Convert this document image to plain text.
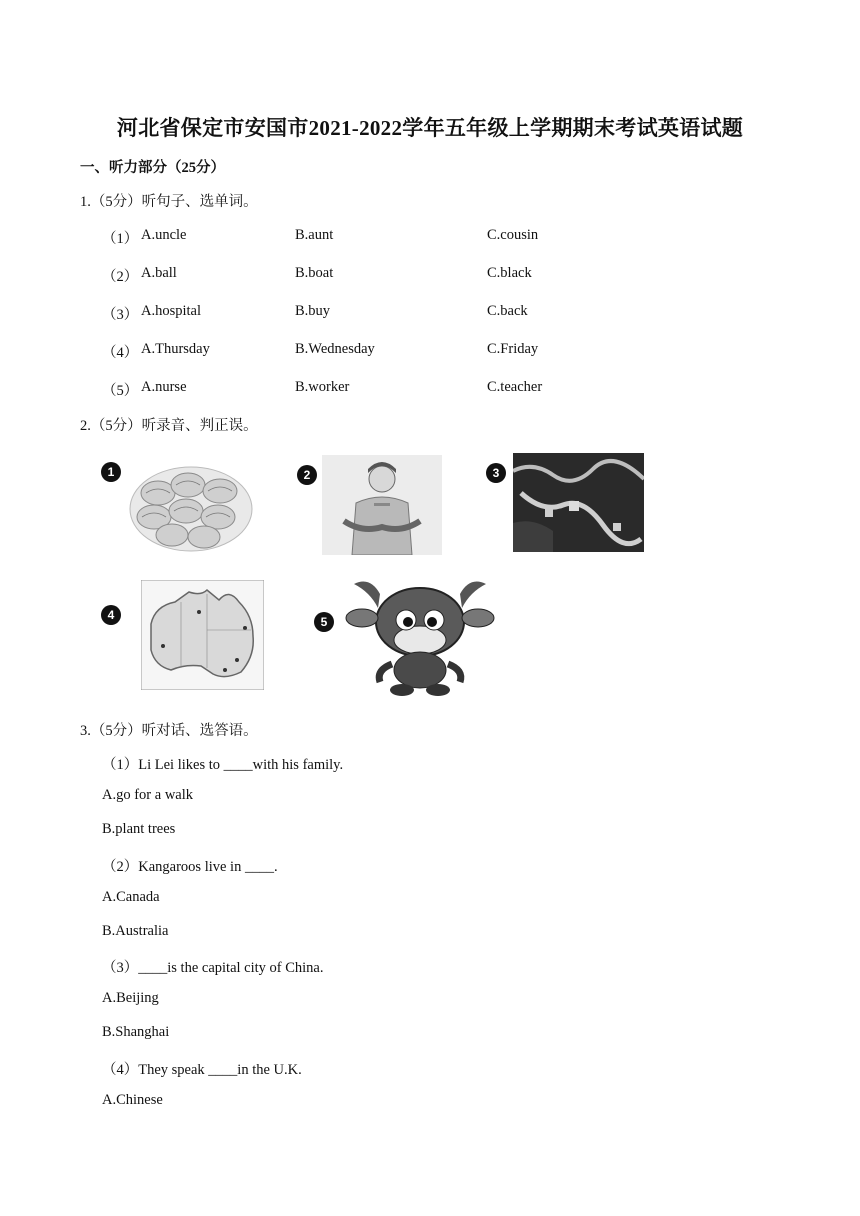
河北省保定市安国市2021-2022学年五年级上学期期末考试英语试题
一、听力部分（25分）
1.（5分）听句子、选单词。
（1） A.uncle	B.aunt	C.cousin
（2） A.ball	B.boat	C.black
（3） A.hospital	B.buy	C.back
（4） A.Thursday	B.Wednesday	C.Friday
（5） A.nurse	B.worker	C.teacher
2.（5分）听录音、判正误。
1	2	3
4	5
3.（5分）听对话、选答语。
（1）Li Lei likes to ____with his family.
A.go for a walk
B.plant trees
（2）Kangaroos live in ____.
A.Canada
B.Australia
（3）____is the capital city of China.
A.Beijing
B.Shanghai
（4）They speak ____in the U.K.
A.Chinese
